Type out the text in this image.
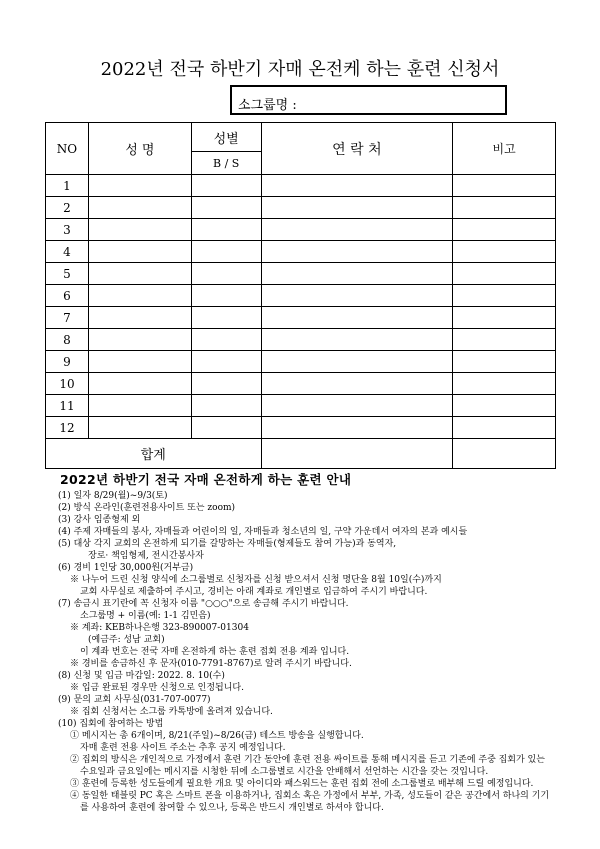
2022년 전국 하반기 자매 온전케 하는 훈련 신청서
소그룹명 :
NO	성 명	성별	연 락 처	비고
		B / S		
1				
2				
3				
4				
5				
6				
7				
8				
9				
10				
11				
12				
합계				
2022년 하반기 전국 자매 온전하게 하는 훈련 안내
(1) 일자 8/29(월)~9/3(토)
(2) 방식 온라인(훈련전용사이트 또는 zoom)
(3) 강사 임종형제 외
(4) 주제 자매들의 봉사, 자매들과 어린이의 일, 자매들과 청소년의 일, 구약 가운데서 여자의 본과 예시들
(5) 대상 각지 교회의 온전하게 되기를 갈망하는 자매들(형제들도 참여 가능)과 동역자,
장로· 책임형제, 전시간봉사자
(6) 경비 1인당 30,000원(거부금)
※ 나누어 드린 신청 양식에 소그룹별로 신청자를 신청 받으셔서 신청 명단을 8월 10일(수)까지
교회 사무실로 제출하여 주시고, 경비는 아래 계좌로 개인별로 입금하여 주시기 바랍니다.
(7) 송금시 표기란에 꼭 신청자 이름 "○○○"으로 송금해 주시기 바랍니다.
소그룹명 + 이름(예: 1-1 김민음)
※ 계좌: KEB하나은행 323-890007-01304
(예금주: 성남 교회)
이 계좌 번호는 전국 자매 온전하게 하는 훈련 접회 전용 계좌 입니다.
※ 경비를 송금하신 후 문자(010-7791-8767)로 알려 주시기 바랍니다.
(8) 신청 및 입금 마감일: 2022. 8. 10(수)
※ 입금 완료된 경우만 신청으로 인정됩니다.
(9) 문의 교회 사무실(031-707-0077)
※ 집회 신청서는 소그룹 카톡방에 올려져 있습니다.
(10) 집회에 참여하는 방법
① 메시지는 총 6개이며, 8/21(주일)~8/26(금) 테스트 방송을 실행합니다.
자매 훈련 전용 사이트 주소는 추후 공지 예정입니다.
② 집회의 방식은 개인적으로 가정에서 훈련 기간 동안에 훈련 전용 싸이트를 통해 메시지를 듣고 기존에 주중 집회가 있는
수요일과 금요일에는 메시지를 시청한 뒤에 소그룹별로 시간을 안배해서 선언하는 시간을 갖는 것입니다.
③ 훈련에 등록한 성도들에게 필요한 개요 및 아이디와 패스워드는 훈련 집회 전에 소그룹별로 배부해 드릴 예정입니다.
④ 동일한 태블릿 PC 혹은 스마트 폰을 이용하거나, 집회소 혹은 가정에서 부부, 가족, 성도들이 같은 공간에서 하나의 기기
를 사용하여 훈련에 참여할 수 있으나, 등록은 반드시 개인별로 하셔야 합니다.
